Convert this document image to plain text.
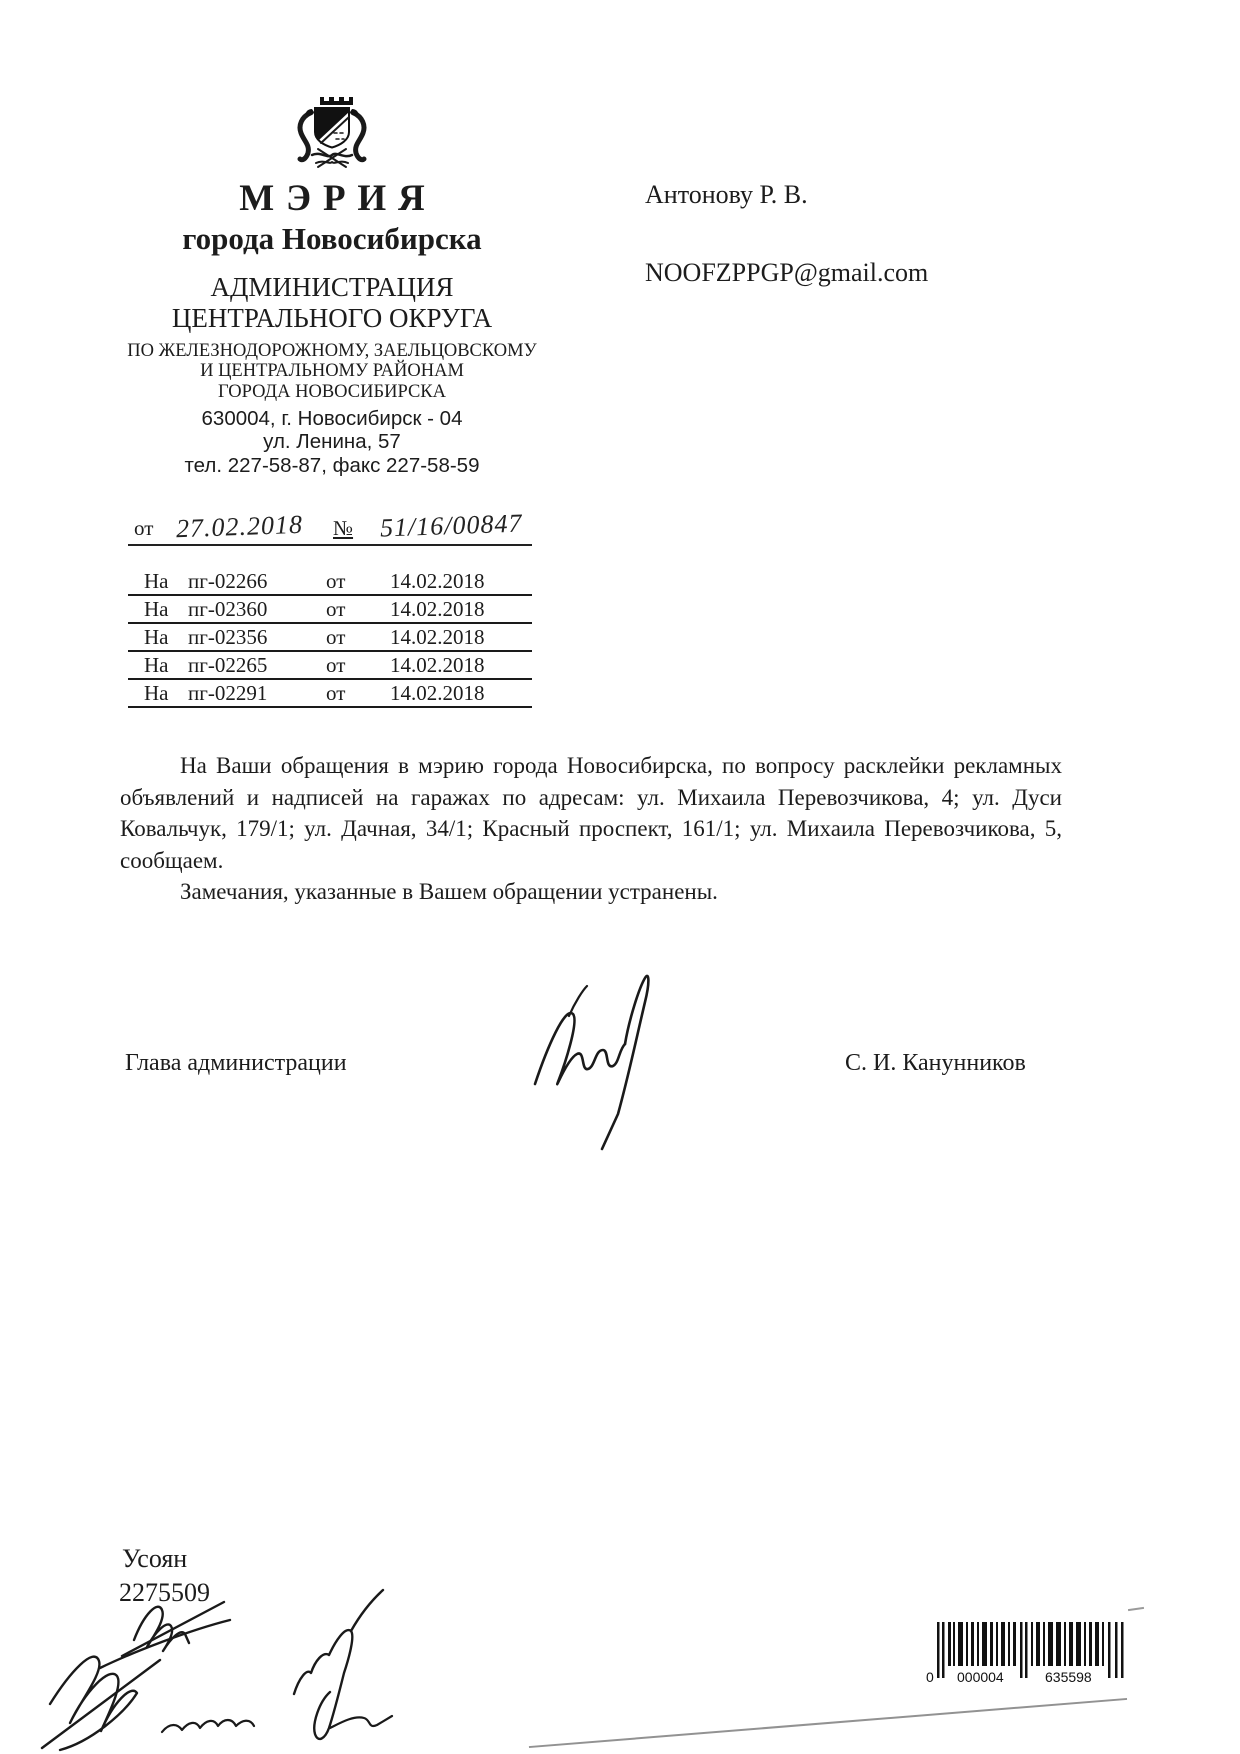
МЭРИЯ
города Новосибирска
АДМИНИСТРАЦИЯ
ЦЕНТРАЛЬНОГО ОКРУГА
ПО ЖЕЛЕЗНОДОРОЖНОМУ, ЗАЕЛЬЦОВСКОМУ
И ЦЕНТРАЛЬНОМУ РАЙОНАМ
ГОРОДА НОВОСИБИРСКА
630004, г. Новосибирск - 04
ул. Ленина, 57
тел. 227-58-87, факс 227-58-59
от 27.02.2018 № 51/16/00847
На пг-02266	от	14.02.2018
На пг-02360	от	14.02.2018
На пг-02356	от	14.02.2018
На пг-02265	от	14.02.2018
На пг-02291	от	14.02.2018
Антонову Р. В.
NOOFZPPGP@gmail.com

На Ваши обращения в мэрию города Новосибирска, по вопросу расклейки рекламных объявлений и надписей на гаражах по адресам: ул. Михаила Перевозчикова, 4; ул. Дуси Ковальчук, 179/1; ул. Дачная, 34/1; Красный проспект, 161/1; ул. Михаила Перевозчикова, 5, сообщаем.

Замечания, указанные в Вашем обращении устранены.

Глава администрации	С. И. Канунников
Усоян
2275509
0 000004	635598
